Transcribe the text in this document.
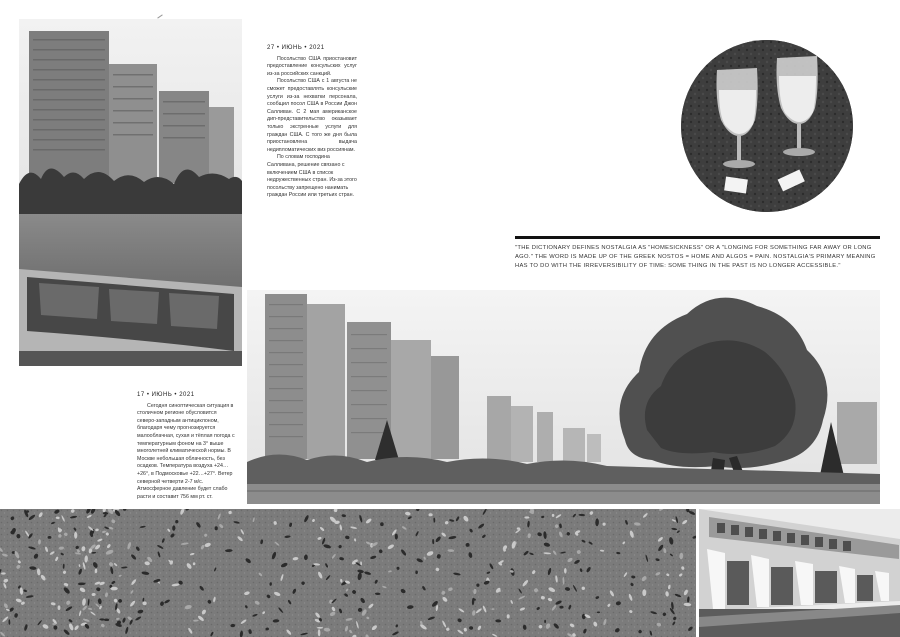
27 • ИЮНЬ • 2021

Посольство США приостановит предоставление консульских услуг из-за российских санкций.

Посольство США с 1 августа не сможет предоставлять консульские услуги из-за нехватки персонала, сообщил посол США в России Джон Салливан. С 2 мая американское дип-представительство оказывает только экстренные услуги для граждан США. С того же дня была приостановлена выдача недипломатических виз россиянам.

По словам господина Салливана, решение связано с включением США в список недружественных стран. Из-за этого посольству запрещено нанимать граждан России или третьих стран.

"THE DICTIONARY DEFINES NOSTALGIA AS "HOMESICKNESS" OR A "LONGING FOR SOMETHING FAR AWAY OR LONG AGO." THE WORD IS MADE UP OF THE GREEK NOSTOS = HOME AND ALGOS = PAIN. NOSTALGIA'S PRIMARY MEANING HAS TO DO WITH THE IRREVERSIBILITY OF TIME: SOME THING IN THE PAST IS NO LONGER ACCESSIBLE."
17 • ИЮНЬ • 2021

Сегодня синоптическая ситуация в столичном регионе обусловится северо-западным антициклоном, благодаря чему прогнозируется малооблачная, сухая и тёплая погода с температурным фоном на 3° выше многолетней климатической нормы. В Москве небольшая облачность, без осадков. Температура воздуха +24…+26°, в Подмосковье +22…+27°. Ветер северной четверти 2-7 м/с. Атмосферное давление будет слабо расти и составит 756 мм рт. ст.
